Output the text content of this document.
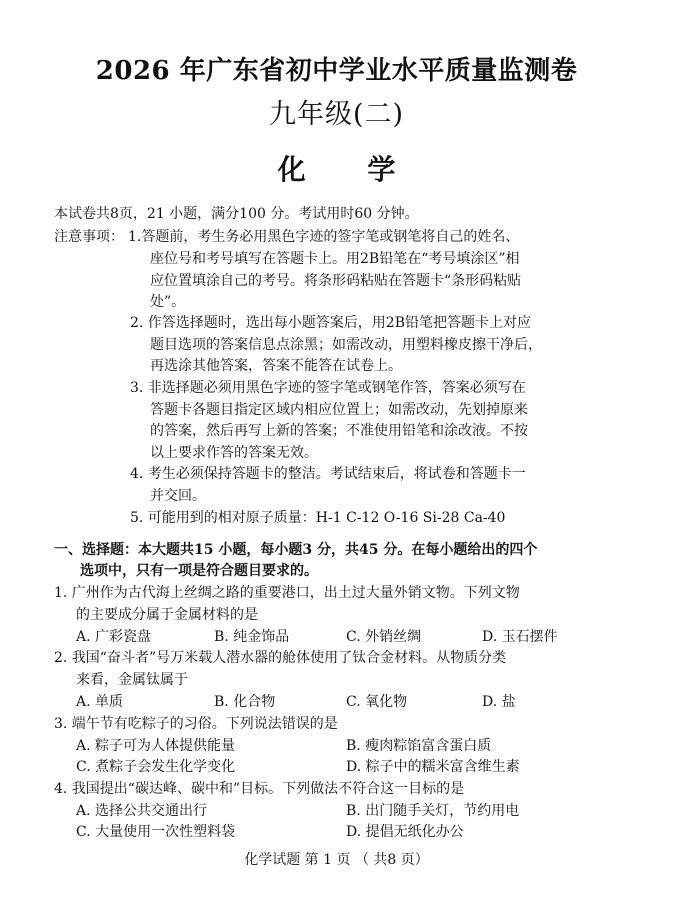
2026 年广东省初中学业水平质量监测卷
九年级(二)
化 学
本试卷共8页，21 小题，满分100 分。考试用时60 分钟。
注意事项： 1.答题前，考生务必用黑色字迹的签字笔或钢笔将自己的姓名、
座位号和考号填写在答题卡上。用2B铅笔在“考号填涂区”相
应位置填涂自己的考号。将条形码粘贴在答题卡“条形码粘贴
处”。
2. 作答选择题时，选出每小题答案后，用2B铅笔把答题卡上对应
题目选项的答案信息点涂黑；如需改动，用塑料橡皮擦干净后，
再选涂其他答案，答案不能答在试卷上。
3. 非选择题必须用黑色字迹的签字笔或钢笔作答，答案必须写在
答题卡各题目指定区域内相应位置上；如需改动，先划掉原来
的答案，然后再写上新的答案；不准使用铅笔和涂改液。不按
以上要求作答的答案无效。
4. 考生必须保持答题卡的整洁。考试结束后，将试卷和答题卡一
并交回。
5. 可能用到的相对原子质量：H-1 C-12 O-16 Si-28 Ca-40
一、选择题：本大题共15 小题，每小题3 分，共45 分。在每小题给出的四个
选项中，只有一项是符合题目要求的。
1. 广州作为古代海上丝绸之路的重要港口，出土过大量外销文物。下列文物
的主要成分属于金属材料的是
A. 广彩瓷盘	B. 纯金饰品	C. 外销丝绸	D. 玉石摆件
2. 我国“奋斗者”号万米载人潜水器的舱体使用了钛合金材料。从物质分类
来看，金属钛属于
A. 单质	B. 化合物	C. 氧化物	D. 盐
3. 端午节有吃粽子的习俗。下列说法错误的是
A. 粽子可为人体提供能量	B. 瘦肉粽馅富含蛋白质
C. 煮粽子会发生化学变化	D. 粽子中的糯米富含维生素
4. 我国提出“碳达峰、碳中和”目标。下列做法不符合这一目标的是
A. 选择公共交通出行	B. 出门随手关灯，节约用电
C. 大量使用一次性塑料袋	D. 提倡无纸化办公
化学试题 第 1 页 （ 共8 页）
